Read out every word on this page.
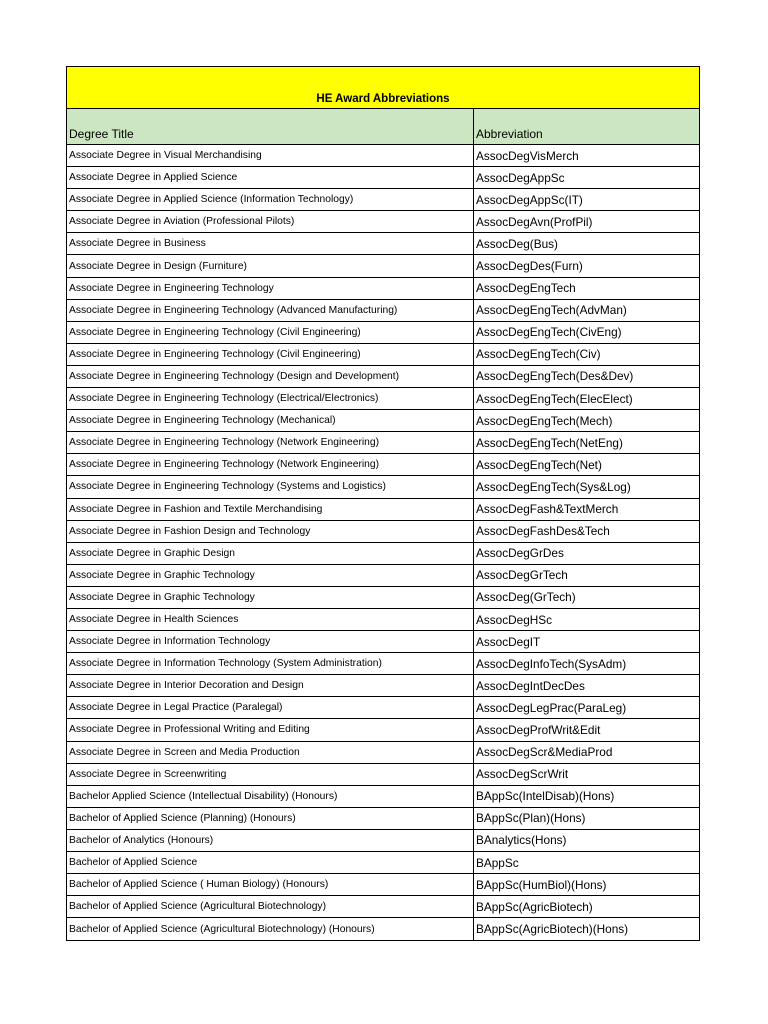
HE Award Abbreviations
Degree Title	Abbreviation
Associate Degree in Visual Merchandising	AssocDegVisMerch
Associate Degree in Applied Science	AssocDegAppSc
Associate Degree in Applied Science (Information Technology)	AssocDegAppSc(IT)
Associate Degree in Aviation (Professional Pilots)	AssocDegAvn(ProfPil)
Associate Degree in Business	AssocDeg(Bus)
Associate Degree in Design (Furniture)	AssocDegDes(Furn)
Associate Degree in Engineering Technology	AssocDegEngTech
Associate Degree in Engineering Technology (Advanced Manufacturing)	AssocDegEngTech(AdvMan)
Associate Degree in Engineering Technology (Civil Engineering)	AssocDegEngTech(CivEng)
Associate Degree in Engineering Technology (Civil Engineering)	AssocDegEngTech(Civ)
Associate Degree in Engineering Technology (Design and Development)	AssocDegEngTech(Des&Dev)
Associate Degree in Engineering Technology (Electrical/Electronics)	AssocDegEngTech(ElecElect)
Associate Degree in Engineering Technology (Mechanical)	AssocDegEngTech(Mech)
Associate Degree in Engineering Technology (Network Engineering)	AssocDegEngTech(NetEng)
Associate Degree in Engineering Technology (Network Engineering)	AssocDegEngTech(Net)
Associate Degree in Engineering Technology (Systems and Logistics)	AssocDegEngTech(Sys&Log)
Associate Degree in Fashion and Textile Merchandising	AssocDegFash&TextMerch
Associate Degree in Fashion Design and Technology	AssocDegFashDes&Tech
Associate Degree in Graphic Design	AssocDegGrDes
Associate Degree in Graphic Technology	AssocDegGrTech
Associate Degree in Graphic Technology	AssocDeg(GrTech)
Associate Degree in Health Sciences	AssocDegHSc
Associate Degree in Information Technology	AssocDegIT
Associate Degree in Information Technology (System Administration)	AssocDegInfoTech(SysAdm)
Associate Degree in Interior Decoration and Design	AssocDegIntDecDes
Associate Degree in Legal Practice (Paralegal)	AssocDegLegPrac(ParaLeg)
Associate Degree in Professional Writing and Editing	AssocDegProfWrit&Edit
Associate Degree in Screen and Media Production	AssocDegScr&MediaProd
Associate Degree in Screenwriting	AssocDegScrWrit
Bachelor Applied Science (Intellectual Disability) (Honours)	BAppSc(IntelDisab)(Hons)
Bachelor of Applied Science (Planning) (Honours)	BAppSc(Plan)(Hons)
Bachelor of Analytics (Honours)	BAnalytics(Hons)
Bachelor of Applied Science	BAppSc
Bachelor of Applied Science ( Human Biology) (Honours)	BAppSc(HumBiol)(Hons)
Bachelor of Applied Science (Agricultural Biotechnology)	BAppSc(AgricBiotech)
Bachelor of Applied Science (Agricultural Biotechnology) (Honours)	BAppSc(AgricBiotech)(Hons)
